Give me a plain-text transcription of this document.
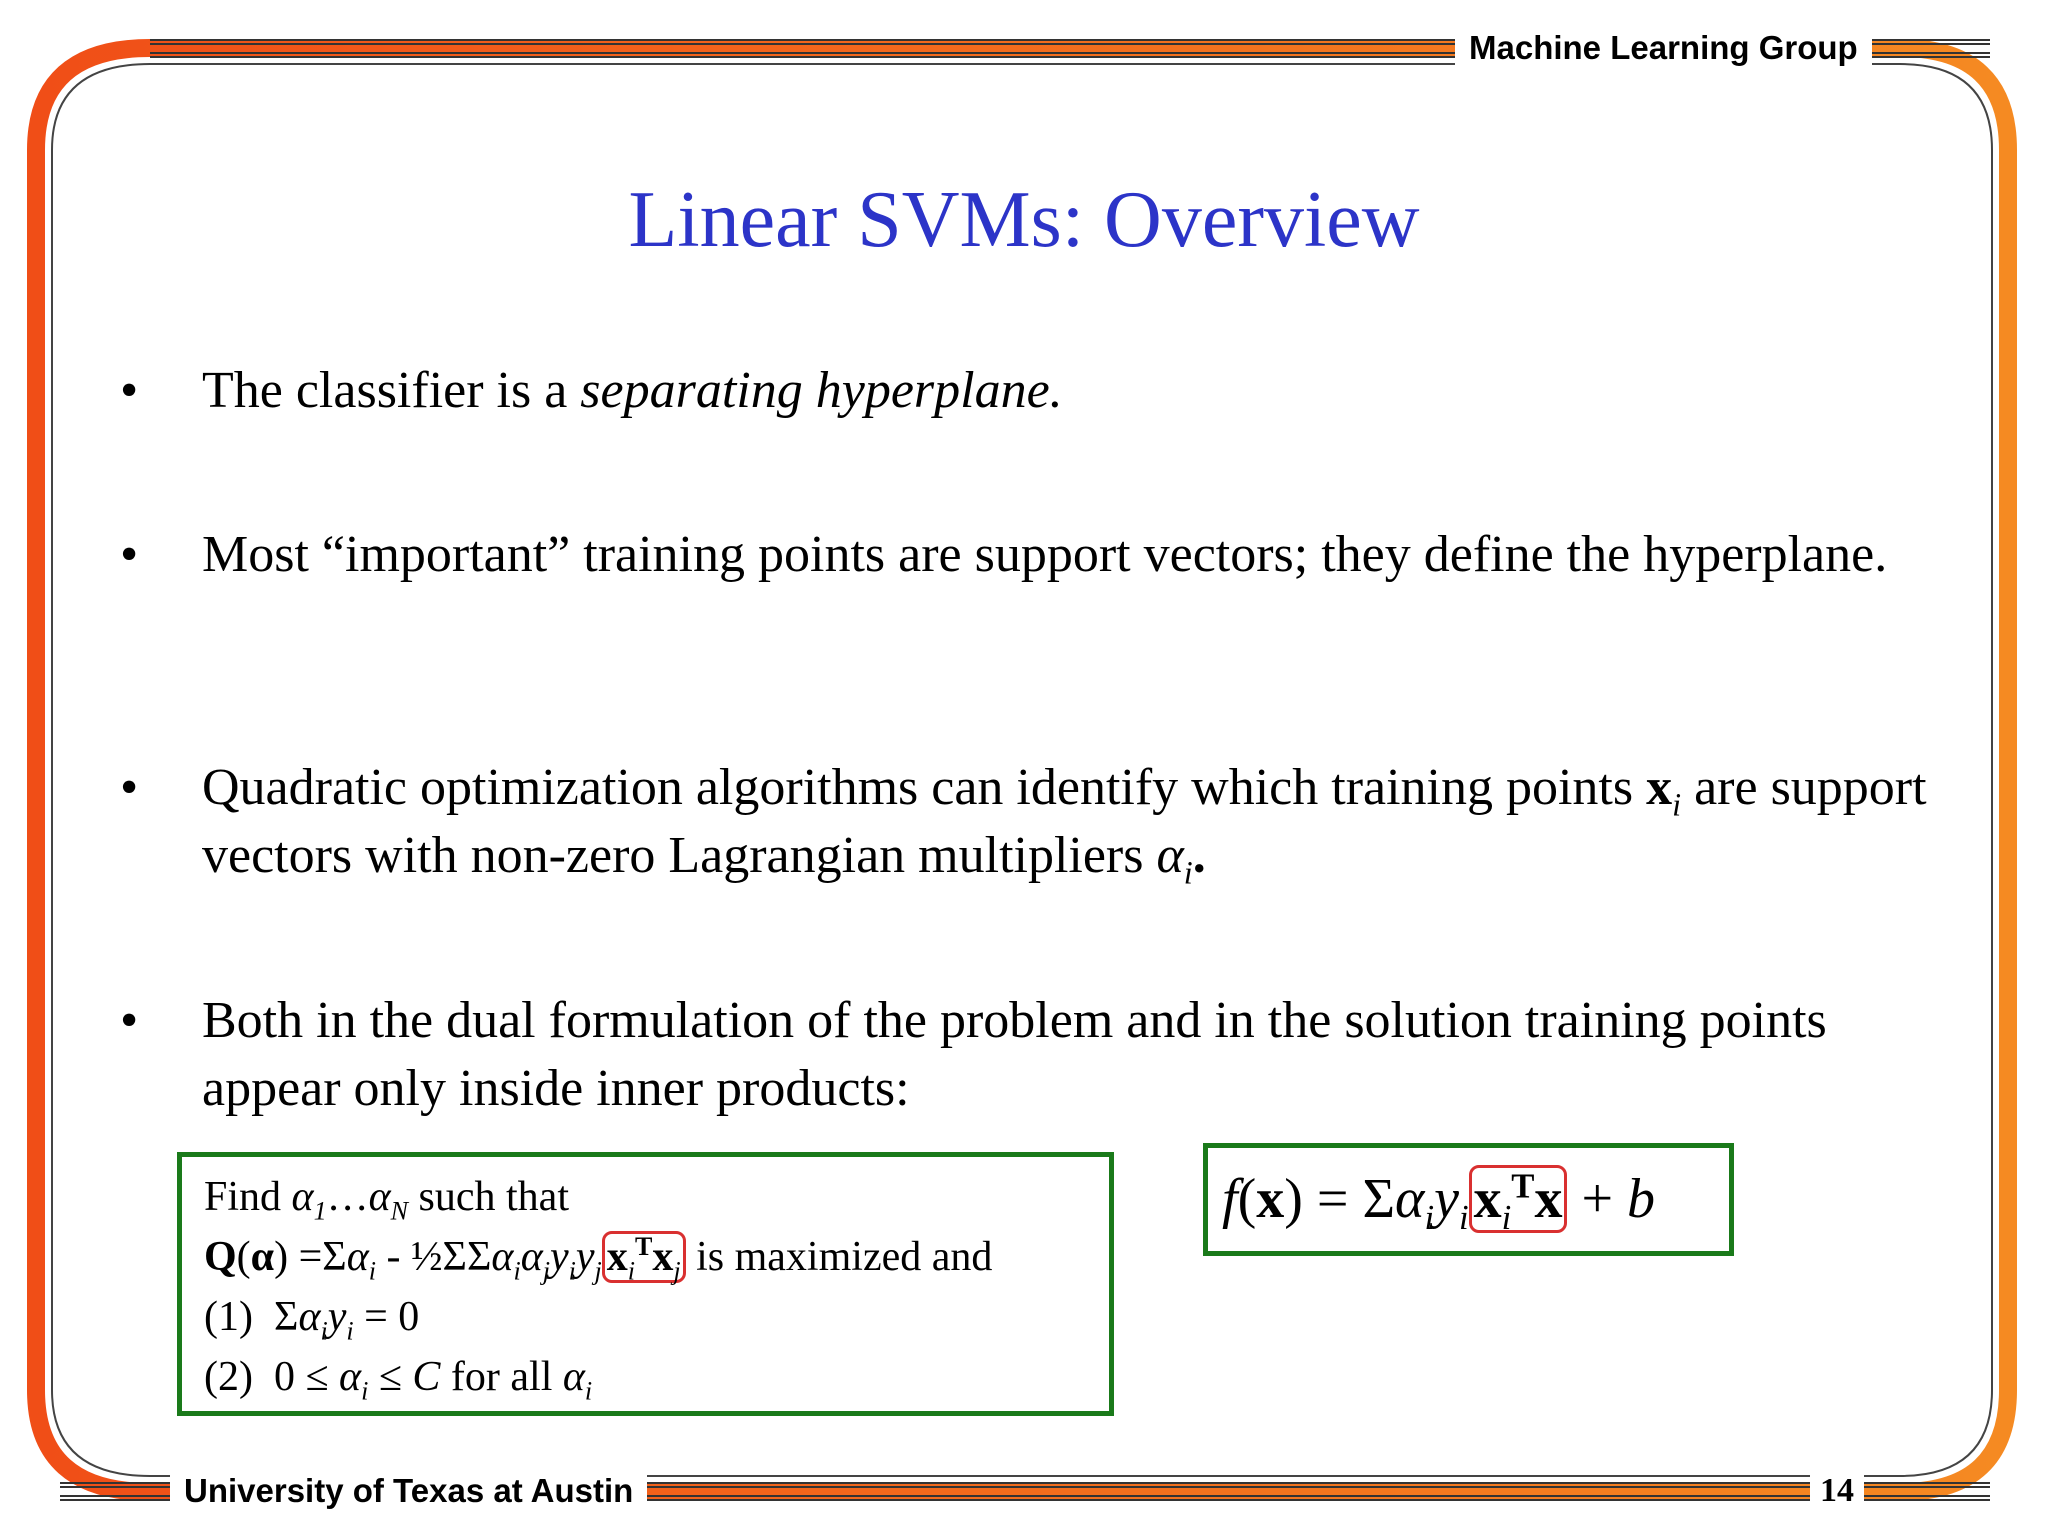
Machine Learning Group
University of Texas at Austin	14
Linear SVMs: Overview
• The classifier is a separating hyperplane.
• Most “important” training points are support vectors; they define the hyperplane.
• Quadratic optimization algorithms can identify which training points $x_i$ are support vectors with non-zero Lagrangian multipliers $\alpha_i$.
• Both in the dual formulation of the problem and in the solution training points appear only inside inner products:
Find $\alpha_1\dots\alpha_N$ such that
$Q(\alpha) =\Sigma\alpha_i$ - $\frac{1}{2}\Sigma\Sigma\alpha_i\alpha_jy_iy_j$ $x_i^Tx_j$ is maximized and
(1)  $\Sigma\alpha_iy_i = 0$
(2)  $0 \le \alpha_i \le C$ for all $\alpha_i$
$f(x) = \Sigma\alpha_iy_ix_i^Tx + b$
